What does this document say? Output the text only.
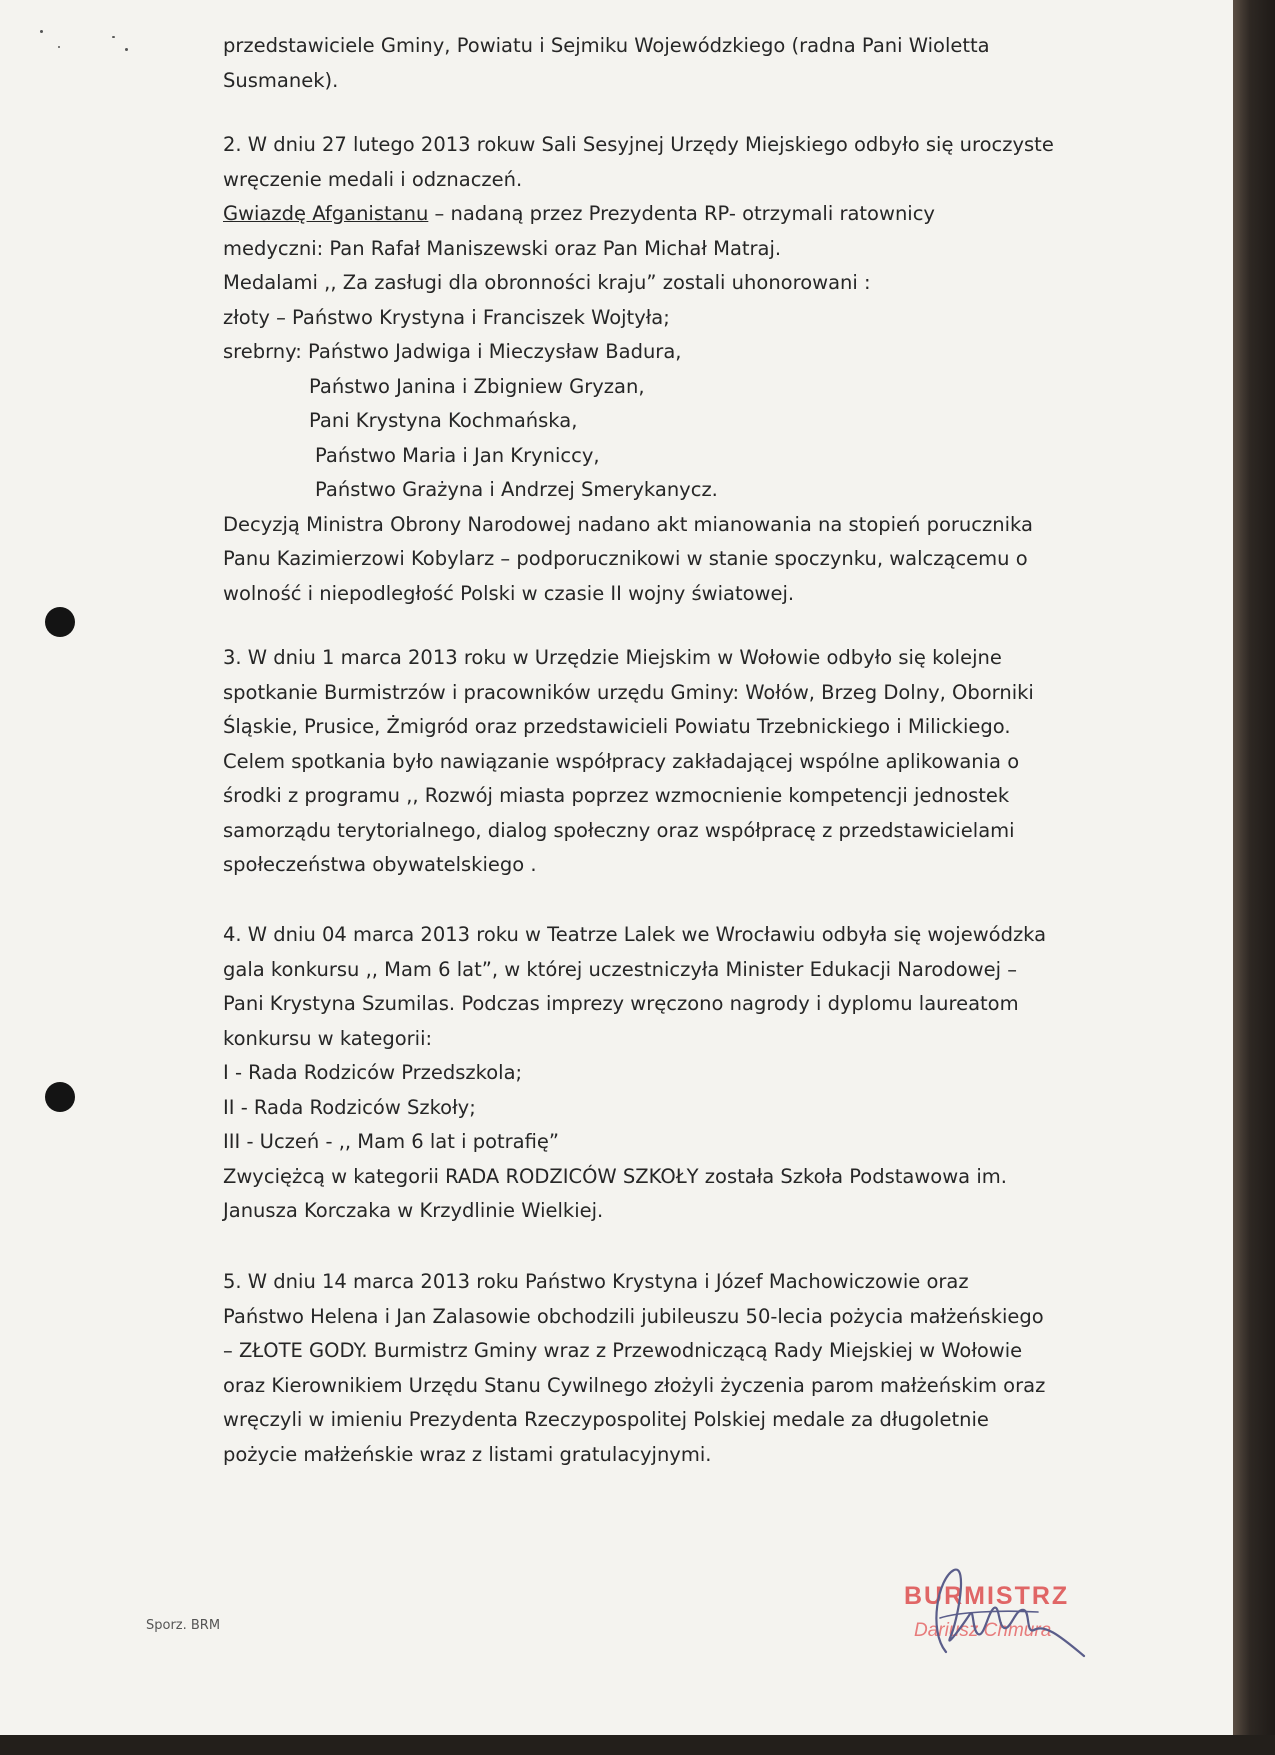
przedstawiciele Gminy, Powiatu i Sejmiku Wojewódzkiego (radna Pani Wioletta
Susmanek).
2. W dniu 27 lutego 2013 rokuw Sali Sesyjnej Urzędy Miejskiego odbyło się uroczyste
wręczenie medali i odznaczeń.
Gwiazdę Afganistanu – nadaną przez Prezydenta RP- otrzymali ratownicy
medyczni: Pan Rafał Maniszewski oraz Pan Michał Matraj.
Medalami ,, Za zasługi dla obronności kraju” zostali uhonorowani :
złoty – Państwo Krystyna i Franciszek Wojtyła;
srebrny: Państwo Jadwiga i Mieczysław Badura,
Państwo Janina i Zbigniew Gryzan,
Pani Krystyna Kochmańska,
Państwo Maria i Jan Kryniccy,
Państwo Grażyna i Andrzej Smerykanycz.
Decyzją Ministra Obrony Narodowej nadano akt mianowania na stopień porucznika
Panu Kazimierzowi Kobylarz – podporucznikowi w stanie spoczynku, walczącemu o
wolność i niepodległość Polski w czasie II wojny światowej.
3. W dniu 1 marca 2013 roku w Urzędzie Miejskim w Wołowie odbyło się kolejne
spotkanie Burmistrzów i pracowników urzędu Gminy: Wołów, Brzeg Dolny, Oborniki
Śląskie, Prusice, Żmigród oraz przedstawicieli Powiatu Trzebnickiego i Milickiego.
Celem spotkania było nawiązanie współpracy zakładającej wspólne aplikowania o
środki z programu ,, Rozwój miasta poprzez wzmocnienie kompetencji jednostek
samorządu terytorialnego, dialog społeczny oraz współpracę z przedstawicielami
społeczeństwa obywatelskiego .
4. W dniu 04 marca 2013 roku w Teatrze Lalek we Wrocławiu odbyła się wojewódzka
gala konkursu ,, Mam 6 lat”, w której uczestniczyła Minister Edukacji Narodowej –
Pani Krystyna Szumilas. Podczas imprezy wręczono nagrody i dyplomu laureatom
konkursu w kategorii:
I - Rada Rodziców Przedszkola;
II - Rada Rodziców Szkoły;
III - Uczeń - ,, Mam 6 lat i potrafię”
Zwyciężcą w kategorii RADA RODZICÓW SZKOŁY została Szkoła Podstawowa im.
Janusza Korczaka w Krzydlinie Wielkiej.
5. W dniu 14 marca 2013 roku Państwo Krystyna i Józef Machowiczowie oraz
Państwo Helena i Jan Zalasowie obchodzili jubileuszu 50-lecia pożycia małżeńskiego
– ZŁOTE GODY. Burmistrz Gminy wraz z Przewodniczącą Rady Miejskiej w Wołowie
oraz Kierownikiem Urzędu Stanu Cywilnego złożyli życzenia parom małżeńskim oraz
wręczyli w imieniu Prezydenta Rzeczypospolitej Polskiej medale za długoletnie
pożycie małżeńskie wraz z listami gratulacyjnymi.
Sporz. BRM
BURMISTRZ
Dariusz Chmura
